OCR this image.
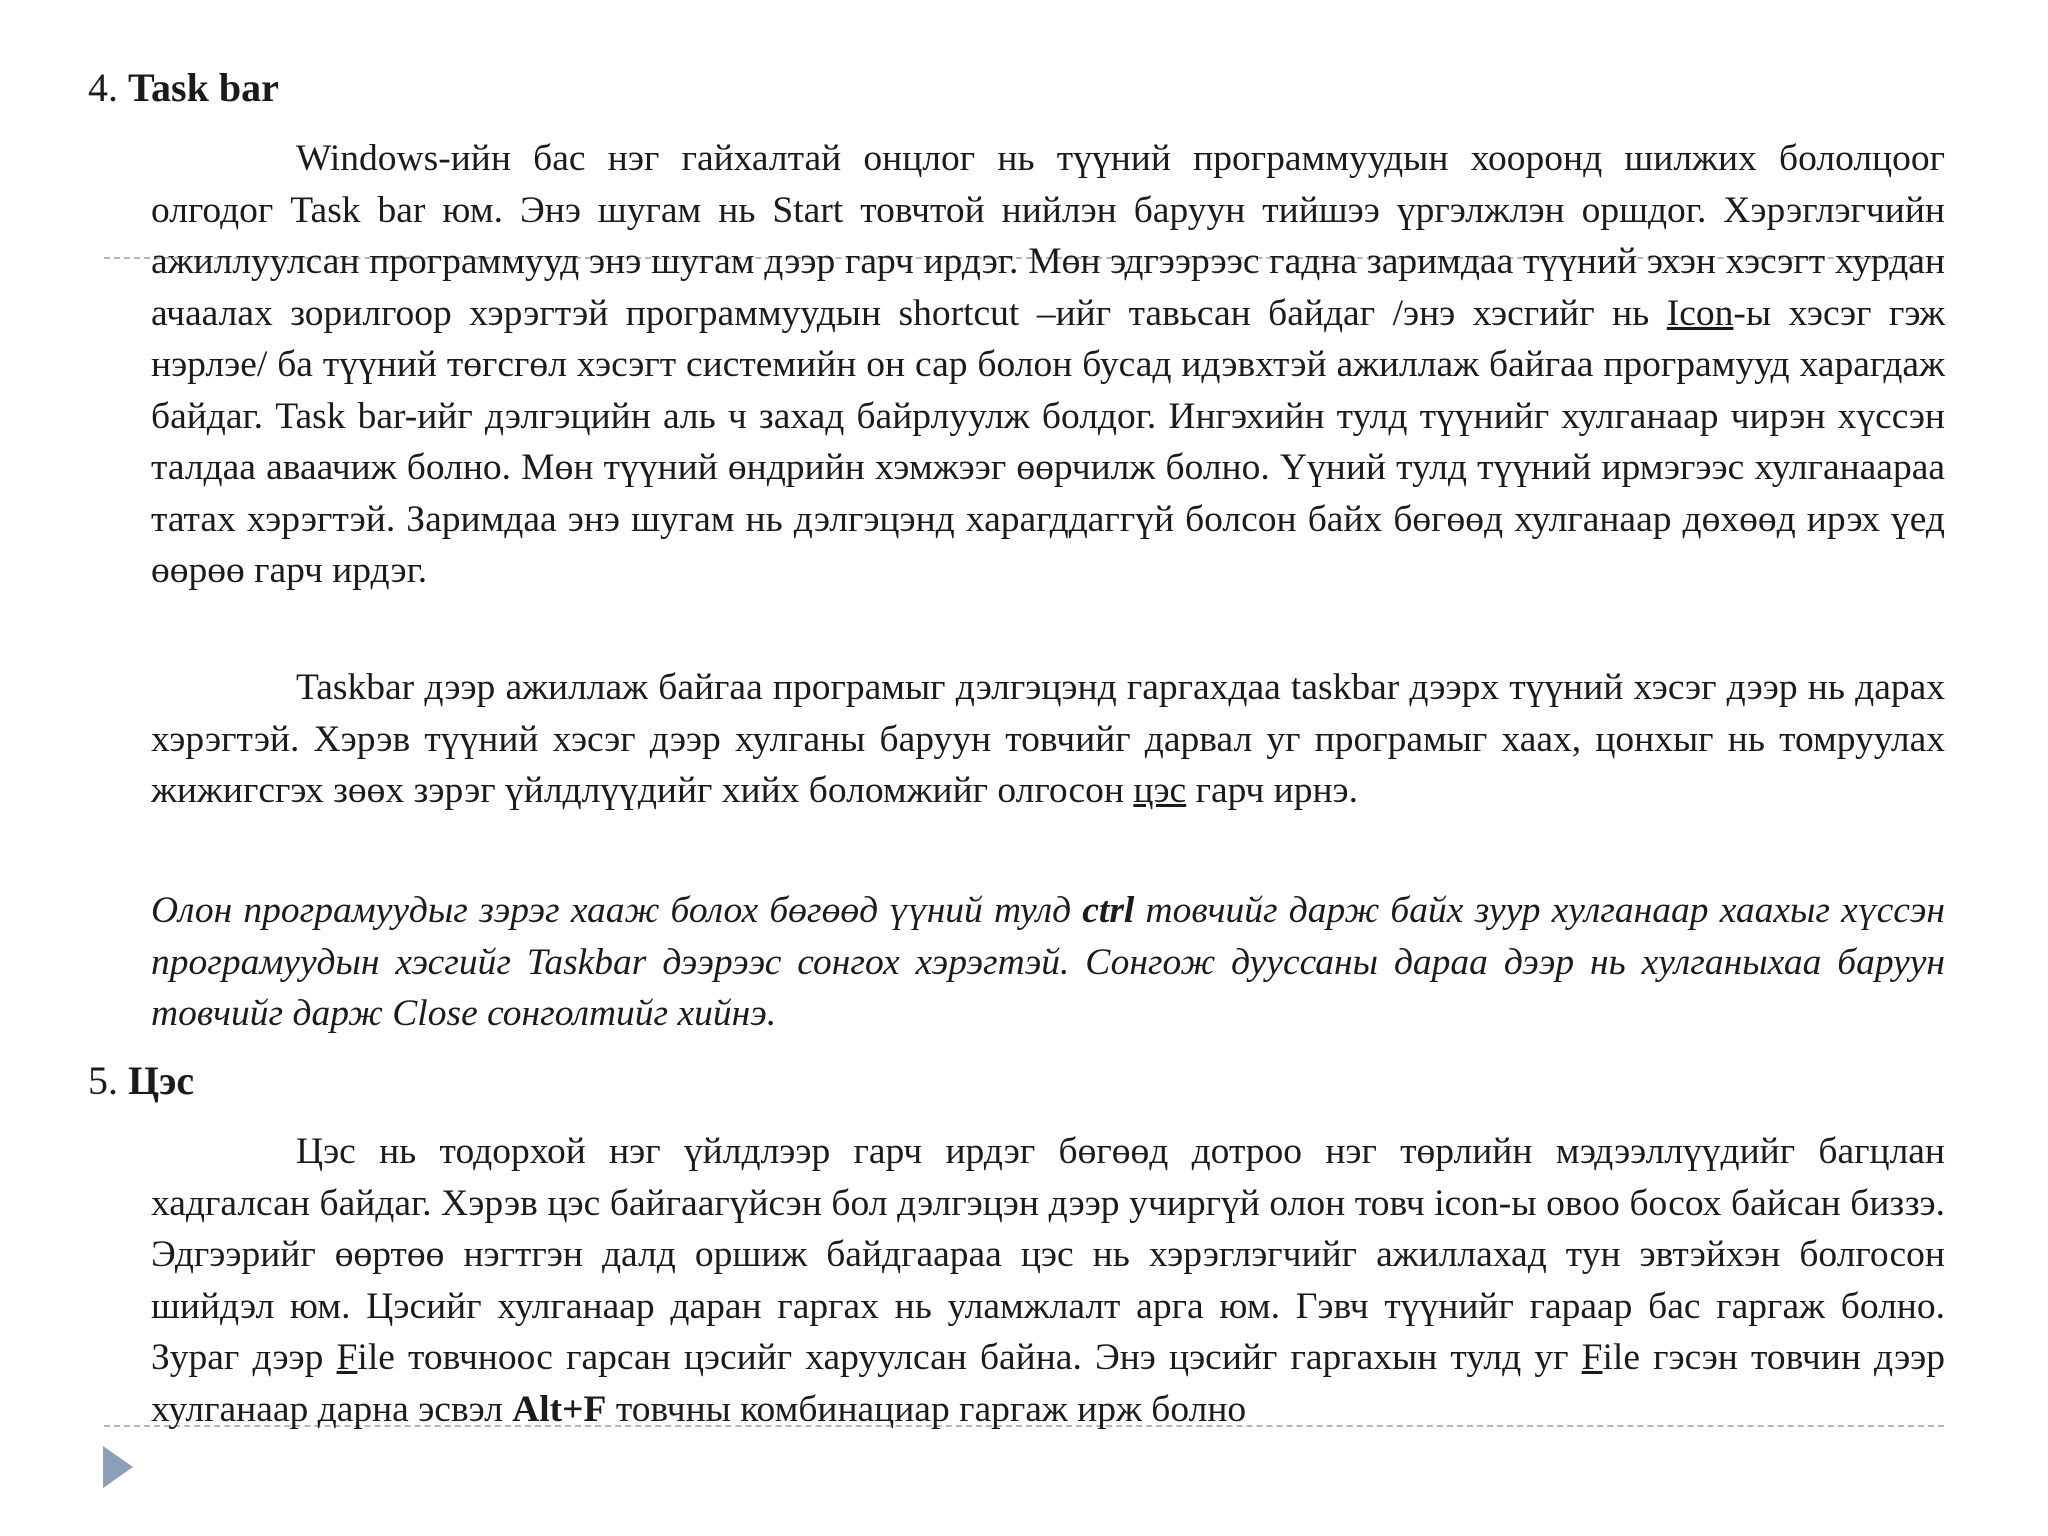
4. Task bar

Windows-ийн бас нэг гайхалтай онцлог нь түүний программуудын хооронд шилжих бололцоог олгодог Task bar юм. Энэ шугам нь Start товчтой нийлэн баруун тийшээ үргэлжлэн оршдог. Хэрэглэгчийн ажиллуулсан программууд энэ шугам дээр гарч ирдэг. Мөн эдгээрээс гадна заримдаа түүний эхэн хэсэгт хурдан ачаалах зорилгоор хэрэгтэй программуудын shortcut –ийг тавьсан байдаг /энэ хэсгийг нь Icon-ы хэсэг гэж нэрлэе/ ба түүний төгсгөл хэсэгт системийн он сар болон бусад идэвхтэй ажиллаж байгаа програмууд харагдаж байдаг. Task bar-ийг дэлгэцийн аль ч захад байрлуулж болдог. Ингэхийн тулд түүнийг хулганаар чирэн хүссэн талдаа аваачиж болно. Мөн түүний өндрийн хэмжээг өөрчилж болно. Үүний тулд түүний ирмэгээс хулганаараа татах хэрэгтэй. Заримдаа энэ шугам нь дэлгэцэнд харагддаггүй болсон байх бөгөөд хулганаар дөхөөд ирэх үед өөрөө гарч ирдэг.

Taskbar дээр ажиллаж байгаа програмыг дэлгэцэнд гаргахдаа taskbar дээрх түүний хэсэг дээр нь дарах хэрэгтэй. Хэрэв түүний хэсэг дээр хулганы баруун товчийг дарвал уг програмыг хаах, цонхыг нь томруулах жижигсгэх зөөх зэрэг үйлдлүүдийг хийх боломжийг олгосон цэс гарч ирнэ.

Олон програмуудыг зэрэг хааж болох бөгөөд үүний тулд ctrl товчийг дарж байх зуур хулганаар хаахыг хүссэн програмуудын хэсгийг Taskbar дээрээс сонгох хэрэгтэй. Сонгож дууссаны дараа дээр нь хулганыхаа баруун товчийг дарж Close сонголтийг хийнэ.

5. Цэс

Цэс нь тодорхой нэг үйлдлээр гарч ирдэг бөгөөд дотроо нэг төрлийн мэдээллүүдийг багцлан хадгалсан байдаг. Хэрэв цэс байгаагүйсэн бол дэлгэцэн дээр учиргүй олон товч icon-ы овоо босох байсан биззэ. Эдгээрийг өөртөө нэгтгэн далд оршиж байдгаараа цэс нь хэрэглэгчийг ажиллахад тун эвтэйхэн болгосон шийдэл юм. Цэсийг хулганаар даран гаргах нь уламжлалт арга юм. Гэвч түүнийг гараар бас гаргаж болно. Зураг дээр File товчноос гарсан цэсийг харуулсан байна. Энэ цэсийг гаргахын тулд уг File гэсэн товчин дээр хулганаар дарна эсвэл Alt+F товчны комбинациар гаргаж ирж болно
